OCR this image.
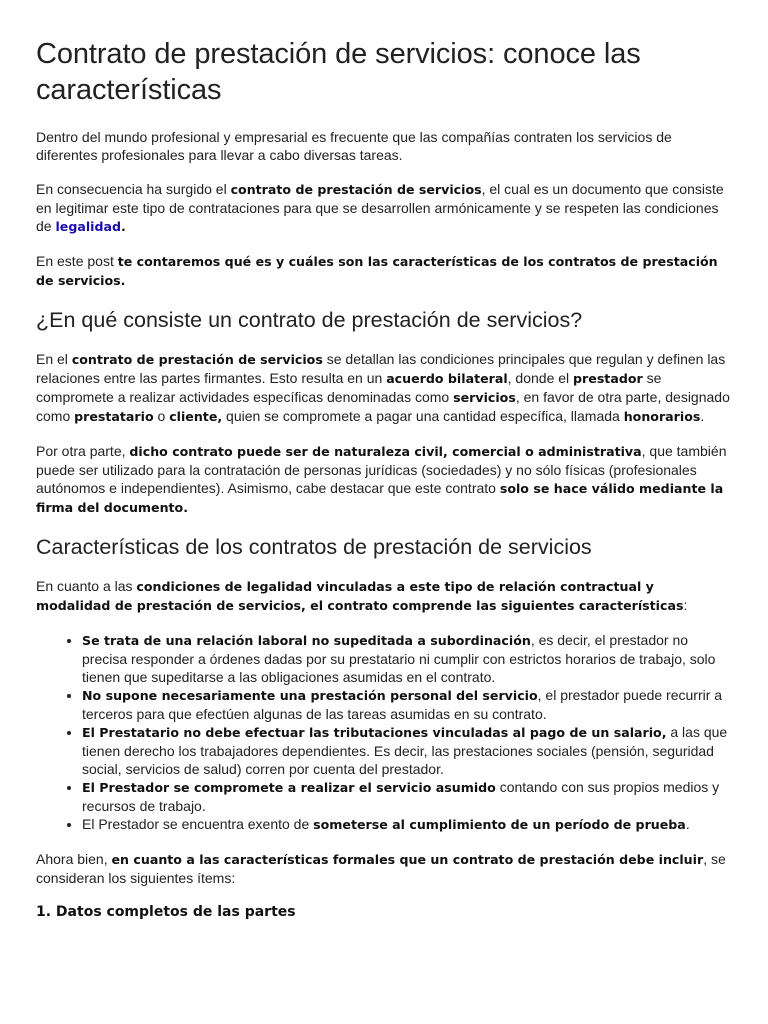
Contrato de prestación de servicios: conoce las características

Dentro del mundo profesional y empresarial es frecuente que las compañías contraten los servicios de diferentes profesionales para llevar a cabo diversas tareas.

En consecuencia ha surgido el contrato de prestación de servicios, el cual es un documento que consiste en legitimar este tipo de contrataciones para que se desarrollen armónicamente y se respeten las condiciones de legalidad.

En este post te contaremos qué es y cuáles son las características de los contratos de prestación de servicios.

¿En qué consiste un contrato de prestación de servicios?

En el contrato de prestación de servicios se detallan las condiciones principales que regulan y definen las relaciones entre las partes firmantes. Esto resulta en un acuerdo bilateral, donde el prestador se compromete a realizar actividades específicas denominadas como servicios, en favor de otra parte, designado como prestatario o cliente, quien se compromete a pagar una cantidad específica, llamada honorarios.

Por otra parte, dicho contrato puede ser de naturaleza civil, comercial o administrativa, que también puede ser utilizado para la contratación de personas jurídicas (sociedades) y no sólo físicas (profesionales autónomos e independientes). Asimismo, cabe destacar que este contrato solo se hace válido mediante la firma del documento.

Características de los contratos de prestación de servicios

En cuanto a las condiciones de legalidad vinculadas a este tipo de relación contractual y modalidad de prestación de servicios, el contrato comprende las siguientes características:

• Se trata de una relación laboral no supeditada a subordinación, es decir, el prestador no precisa responder a órdenes dadas por su prestatario ni cumplir con estrictos horarios de trabajo, solo tienen que supeditarse a las obligaciones asumidas en el contrato.
• No supone necesariamente una prestación personal del servicio, el prestador puede recurrir a terceros para que efectúen algunas de las tareas asumidas en su contrato.
• El Prestatario no debe efectuar las tributaciones vinculadas al pago de un salario, a las que tienen derecho los trabajadores dependientes. Es decir, las prestaciones sociales (pensión, seguridad social, servicios de salud) corren por cuenta del prestador.
• El Prestador se compromete a realizar el servicio asumido contando con sus propios medios y recursos de trabajo.
• El Prestador se encuentra exento de someterse al cumplimiento de un período de prueba.

Ahora bien, en cuanto a las características formales que un contrato de prestación debe incluir, se consideran los siguientes ítems:

1. Datos completos de las partes
